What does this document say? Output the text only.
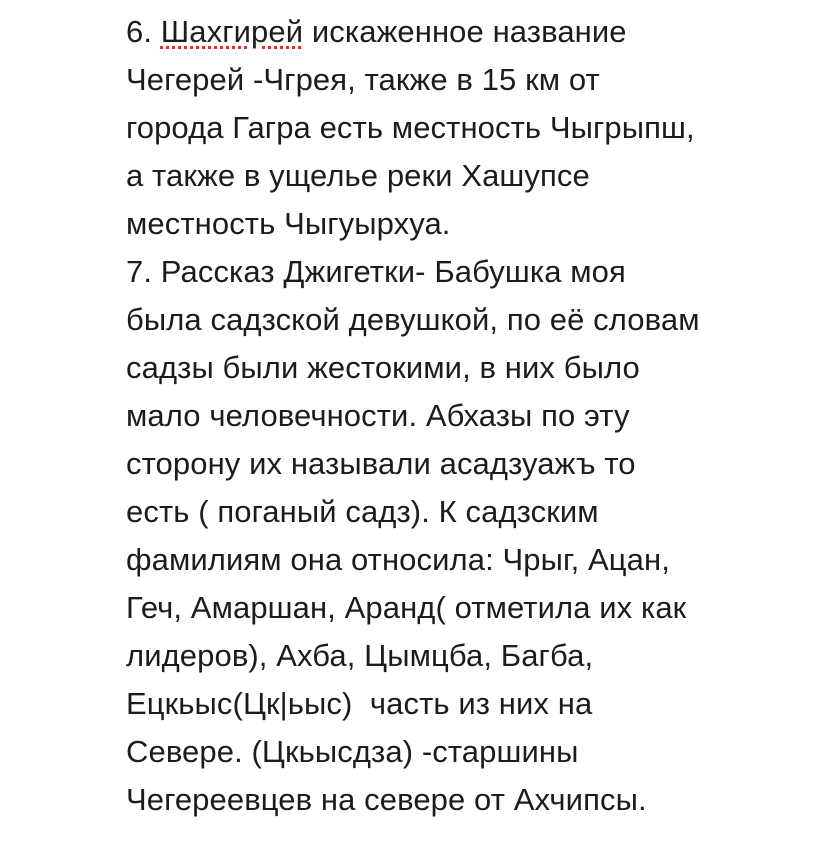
6. Шахгирей искаженное название
Чегерей -Чгрея, также в 15 км от
города Гагра есть местность Чыгрыпш,
а также в ущелье реки Хашупсе
местность Чыгуырхуа.
7. Рассказ Джигетки- Бабушка моя
была садзской девушкой, по её словам
садзы были жестокими, в них было
мало человечности. Абхазы по эту
сторону их называли асадзуажъ то
есть ( поганый садз). К садзским
фамилиям она относила: Чрыг, Ацан,
Геч, Амаршан, Аранд( отметила их как
лидеров), Ахба, Цымцба, Багба,
Ецкьыс(Цк|ьыс)  часть из них на
Севере. (Цкьысдза) -старшины
Чегереевцев на севере от Ахчипсы.
